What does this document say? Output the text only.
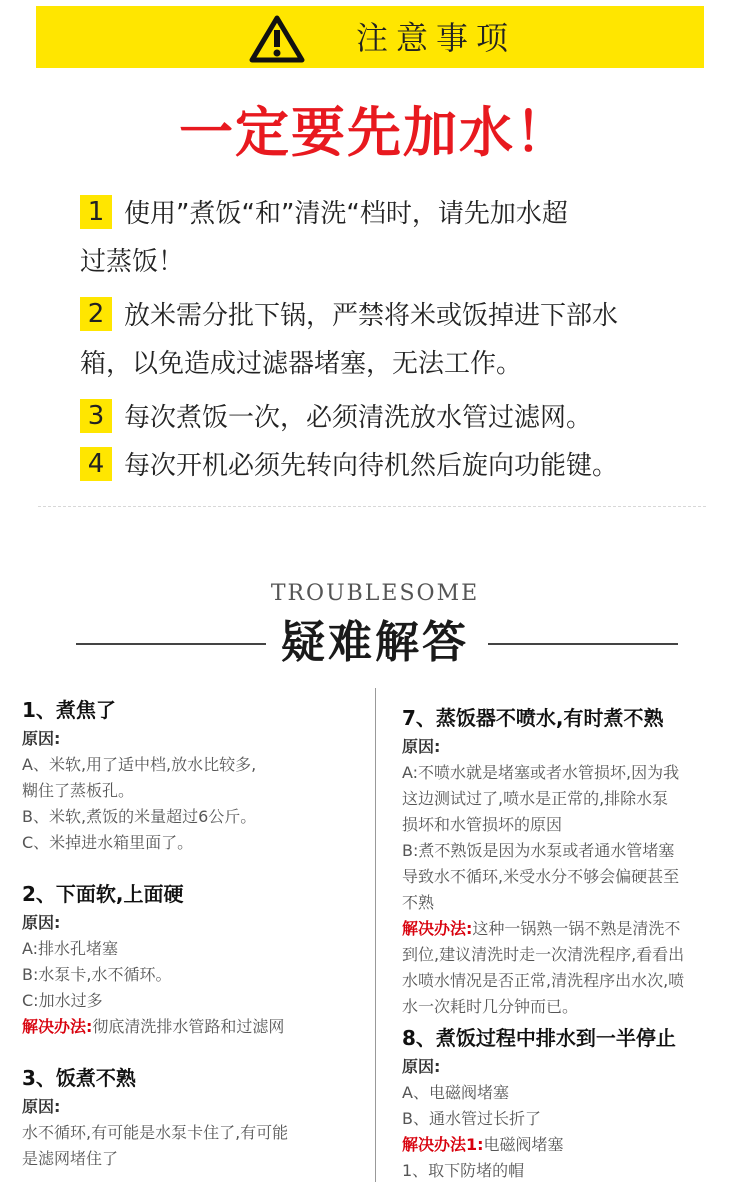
注意事项
一定要先加水！
1 使用”煮饭“和”清洗“档时，请先加水超
过蒸饭！
2 放米需分批下锅，严禁将米或饭掉进下部水
箱，以免造成过滤器堵塞，无法工作。
3 每次煮饭一次，必须清洗放水管过滤网。
4 每次开机必须先转向待机然后旋向功能键。
TROUBLESOME
疑难解答
1、煮焦了
原因:
A、米软,用了适中档,放水比较多,
糊住了蒸板孔。
B、米软,煮饭的米量超过6公斤。
C、米掉进水箱里面了。
2、下面软,上面硬
原因:
A:排水孔堵塞
B:水泵卡,水不循环。
C:加水过多
解决办法:彻底清洗排水管路和过滤网
3、饭煮不熟
原因:
水不循环,有可能是水泵卡住了,有可能
是滤网堵住了
7、蒸饭器不喷水,有时煮不熟
原因:
A:不喷水就是堵塞或者水管损坏,因为我
这边测试过了,喷水是正常的,排除水泵
损坏和水管损坏的原因
B:煮不熟饭是因为水泵或者通水管堵塞
导致水不循环,米受水分不够会偏硬甚至
不熟
解决办法:这种一锅熟一锅不熟是清洗不
到位,建议清洗时走一次清洗程序,看看出
水喷水情况是否正常,清洗程序出水次,喷
水一次耗时几分钟而已。
8、煮饭过程中排水到一半停止
原因:
A、电磁阀堵塞
B、通水管过长折了
解决办法1:电磁阀堵塞
1、取下防堵的帽
